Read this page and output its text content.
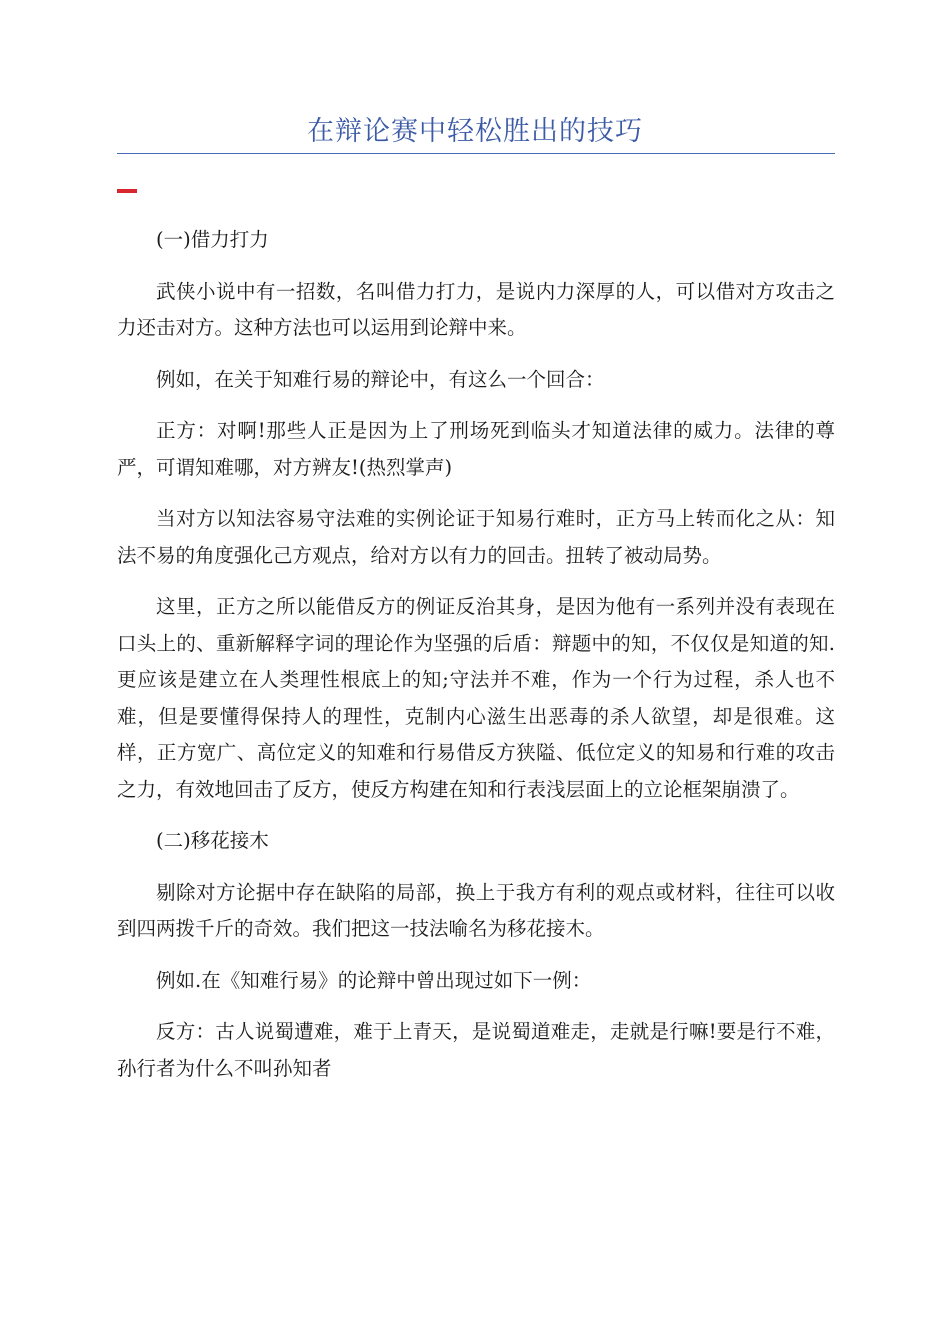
在辩论赛中轻松胜出的技巧

(一)借力打力

武侠小说中有一招数，名叫借力打力，是说内力深厚的人，可以借对方攻击之力还击对方。这种方法也可以运用到论辩中来。

例如，在关于知难行易的辩论中，有这么一个回合：

正方：对啊!那些人正是因为上了刑场死到临头才知道法律的威力。法律的尊严，可谓知难哪，对方辨友!(热烈掌声)

当对方以知法容易守法难的实例论证于知易行难时，正方马上转而化之从：知法不易的角度强化己方观点，给对方以有力的回击。扭转了被动局势。

这里，正方之所以能借反方的例证反治其身，是因为他有一系列并没有表现在口头上的、重新解释字词的理论作为坚强的后盾：辩题中的知，不仅仅是知道的知.更应该是建立在人类理性根底上的知;守法并不难，作为一个行为过程，杀人也不难，但是要懂得保持人的理性，克制内心滋生出恶毒的杀人欲望，却是很难。这样，正方宽广、高位定义的知难和行易借反方狭隘、低位定义的知易和行难的攻击之力，有效地回击了反方，使反方构建在知和行表浅层面上的立论框架崩溃了。

(二)移花接木

剔除对方论据中存在缺陷的局部，换上于我方有利的观点或材料，往往可以收到四两拨千斤的奇效。我们把这一技法喻名为移花接木。

例如.在《知难行易》的论辩中曾出现过如下一例：

反方：古人说蜀遭难，难于上青天，是说蜀道难走，走就是行嘛!要是行不难，孙行者为什么不叫孙知者
